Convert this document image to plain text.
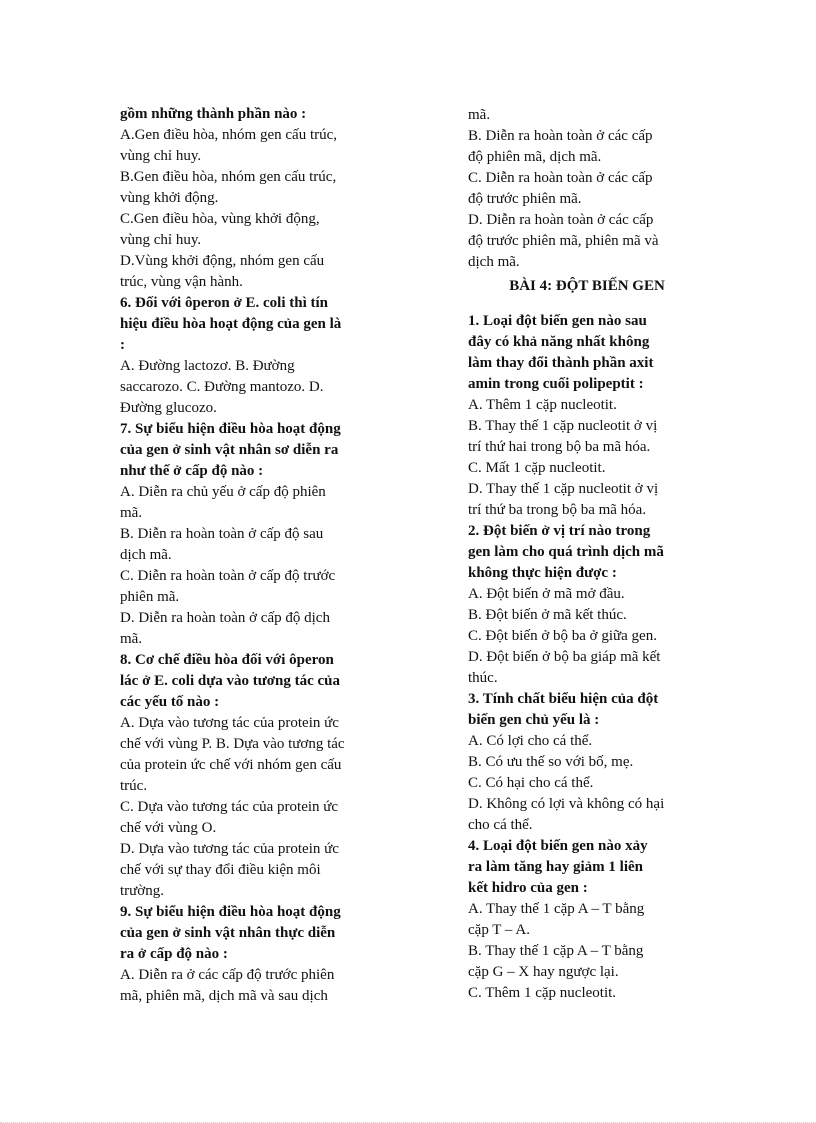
gồm những thành phần nào :
A.Gen điều hòa, nhóm gen cấu trúc,
vùng chỉ huy.
B.Gen điều hòa, nhóm gen cấu trúc,
vùng khởi động.
C.Gen điều hòa, vùng khởi động,
vùng chỉ huy.
D.Vùng khởi động, nhóm gen cấu
trúc, vùng vận hành.
6. Đối với ôperon ở E. coli thì tín
hiệu điều hòa hoạt động của gen là
:
A. Đường lactozơ. B. Đường
saccarozo. C. Đường mantozo. D.
Đường glucozo.
7. Sự biểu hiện điều hòa hoạt động
của gen ở sinh vật nhân sơ diễn ra
như thế ở cấp độ nào :
A. Diễn ra chủ yếu ở cấp độ phiên
mã.
B. Diễn ra hoàn toàn ở cấp độ sau
dịch mã.
C. Diễn ra hoàn toàn ở cấp độ trước
phiên mã.
D. Diễn ra hoàn toàn ở cấp độ dịch
mã.
8. Cơ chế điều hòa đối với ôperon
lác ở E. coli dựa vào tương tác của
các yếu tố nào :
A. Dựa vào tương tác của protein ức
chế với vùng P. B. Dựa vào tương tác
của protein ức chế với nhóm gen cấu
trúc.
C. Dựa vào tương tác của protein ức
chế với vùng O.
D. Dựa vào tương tác của protein ức
chế với sự thay đổi điều kiện môi
trường.
9. Sự biểu hiện điều hòa hoạt động
của gen ở sinh vật nhân thực diễn
ra ở cấp độ nào :
A. Diễn ra ở các cấp độ trước phiên
mã, phiên mã, dịch mã và sau dịch
mã.
B. Diễn ra hoàn toàn ở các cấp
độ phiên mã, dịch mã.
C. Diễn ra hoàn toàn ở các cấp
độ trước phiên mã.
D. Diễn ra hoàn toàn ở các cấp
độ trước phiên mã, phiên mã và
dịch mã.
BÀI 4: ĐỘT BIẾN GEN
1. Loại đột biến gen nào sau
đây có khả năng nhất không
làm thay đổi thành phần axit
amin trong cuối polipeptit :
A. Thêm 1 cặp nucleotit.
B. Thay thế 1 cặp nucleotit ở vị
trí thứ hai trong bộ ba mã hóa.
C. Mất 1 cặp nucleotit.
D. Thay thế 1 cặp nucleotit ở vị
trí thứ ba trong bộ ba mã hóa.
2. Đột biến ở vị trí nào trong
gen làm cho quá trình dịch mã
không thực hiện được :
A. Đột biến ở mã mở đầu.
B. Đột biến ở mã kết thúc.
C. Đột biến ở bộ ba ở giữa gen.
D. Đột biến ở bộ ba giáp mã kết
thúc.
3. Tính chất biểu hiện của đột
biến gen chủ yếu là :
A. Có lợi cho cá thể.
B. Có ưu thế so với bố, mẹ.
C. Có hại cho cá thể.
D. Không có lợi và không có hại
cho cá thể.
4. Loại đột biến gen nào xảy
ra làm tăng hay giảm 1 liên
kết hidro của gen :
A. Thay thế 1 cặp A – T bằng
cặp T – A.
B. Thay thế 1 cặp A – T bằng
cặp G – X hay ngược lại.
C. Thêm 1 cặp nucleotit.
